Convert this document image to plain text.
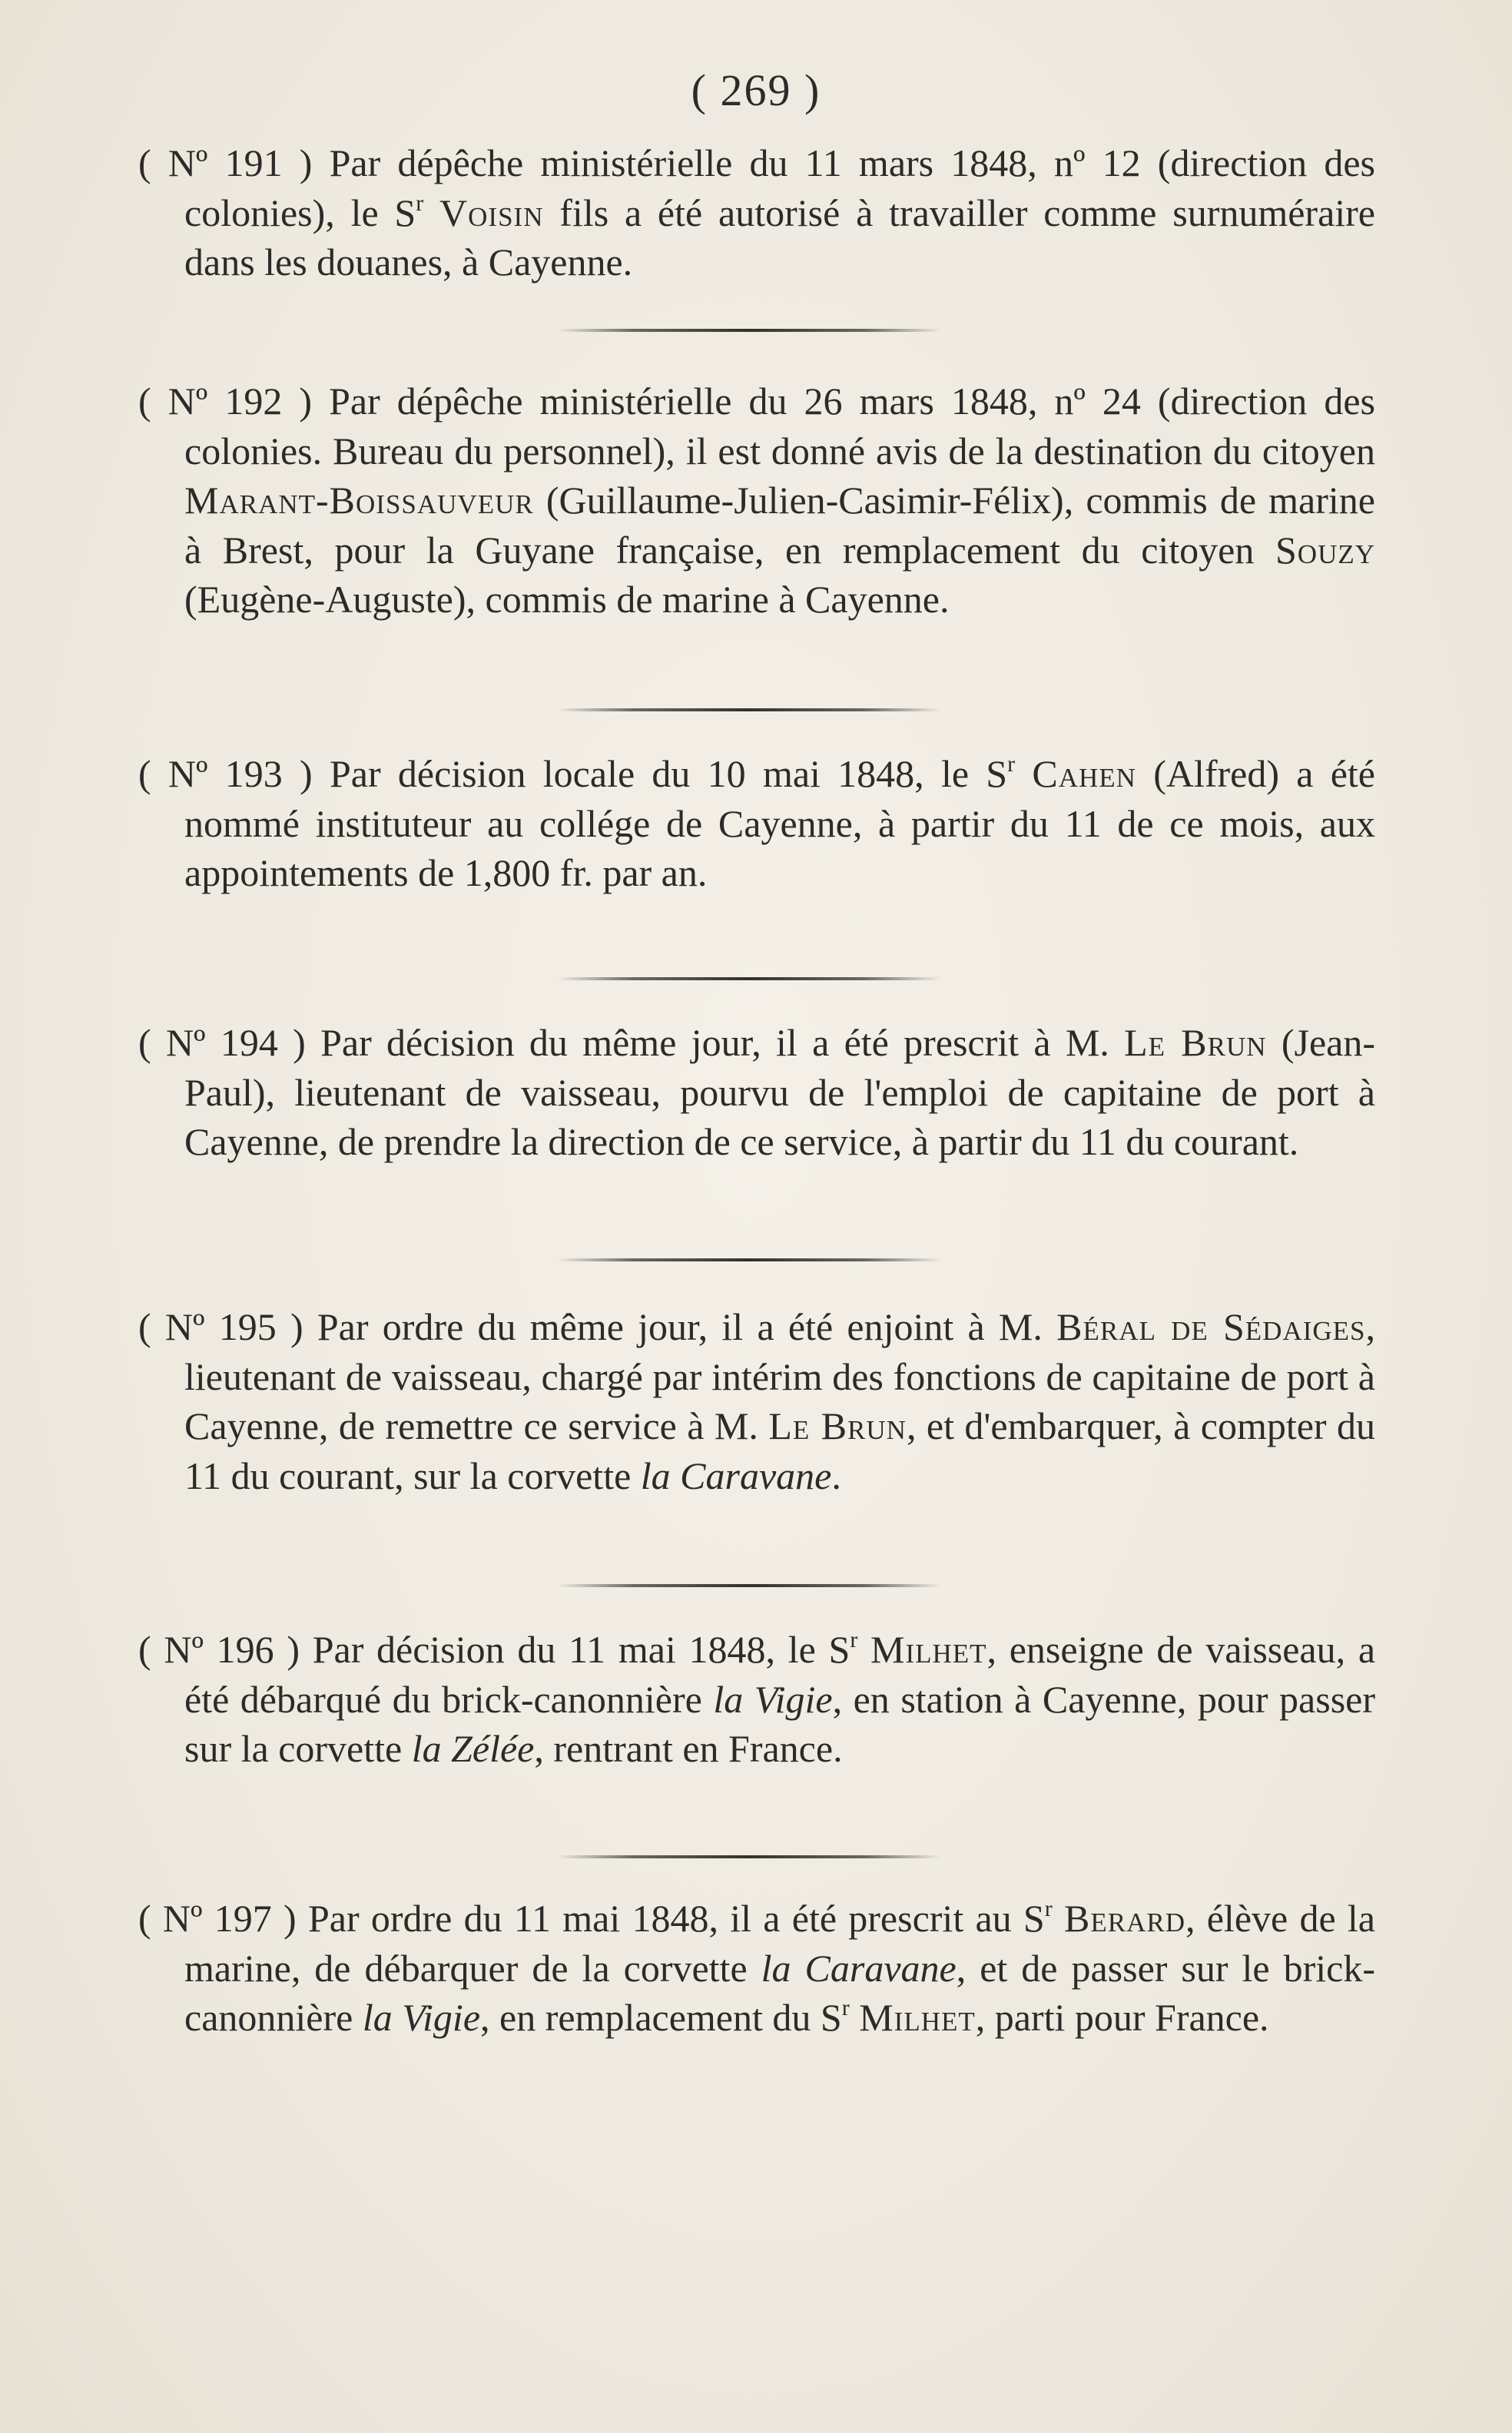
( 269 )

( Nº 191 ) Par dépêche ministérielle du 11 mars 1848, nº 12 (direction des colonies), le $S^r$ Voisin fils a été autorisé à travailler comme surnuméraire dans les douanes, à Cayenne.

( Nº 192 ) Par dépêche ministérielle du 26 mars 1848, nº 24 (direction des colonies. Bureau du personnel), il est donné avis de la destination du citoyen Marant-Boissauveur (Guillaume-Julien-Casimir-Félix), commis de marine à Brest, pour la Guyane française, en remplacement du citoyen Souzy (Eugène-Auguste), commis de marine à Cayenne.

( Nº 193 ) Par décision locale du 10 mai 1848, le $S^r$ Cahen (Alfred) a été nommé instituteur au collége de Cayenne, à partir du 11 de ce mois, aux appointements de 1,800 fr. par an.

( Nº 194 ) Par décision du même jour, il a été prescrit à M. Le Brun (Jean-Paul), lieutenant de vaisseau, pourvu de l'emploi de capitaine de port à Cayenne, de prendre la direction de ce service, à partir du 11 du courant.

( Nº 195 ) Par ordre du même jour, il a été enjoint à M. Béral de Sédaiges, lieutenant de vaisseau, chargé par intérim des fonctions de capitaine de port à Cayenne, de remettre ce service à M. Le Brun, et d'embarquer, à compter du 11 du courant, sur la corvette la Caravane.

( Nº 196 ) Par décision du 11 mai 1848, le $S^r$ Milhet, enseigne de vaisseau, a été débarqué du brick-canonnière la Vigie, en station à Cayenne, pour passer sur la corvette la Zélée, rentrant en France.

( Nº 197 ) Par ordre du 11 mai 1848, il a été prescrit au $S^r$ Berard, élève de la marine, de débarquer de la corvette la Caravane, et de passer sur le brick-canonnière la Vigie, en remplacement du $S^r$ Milhet, parti pour France.
